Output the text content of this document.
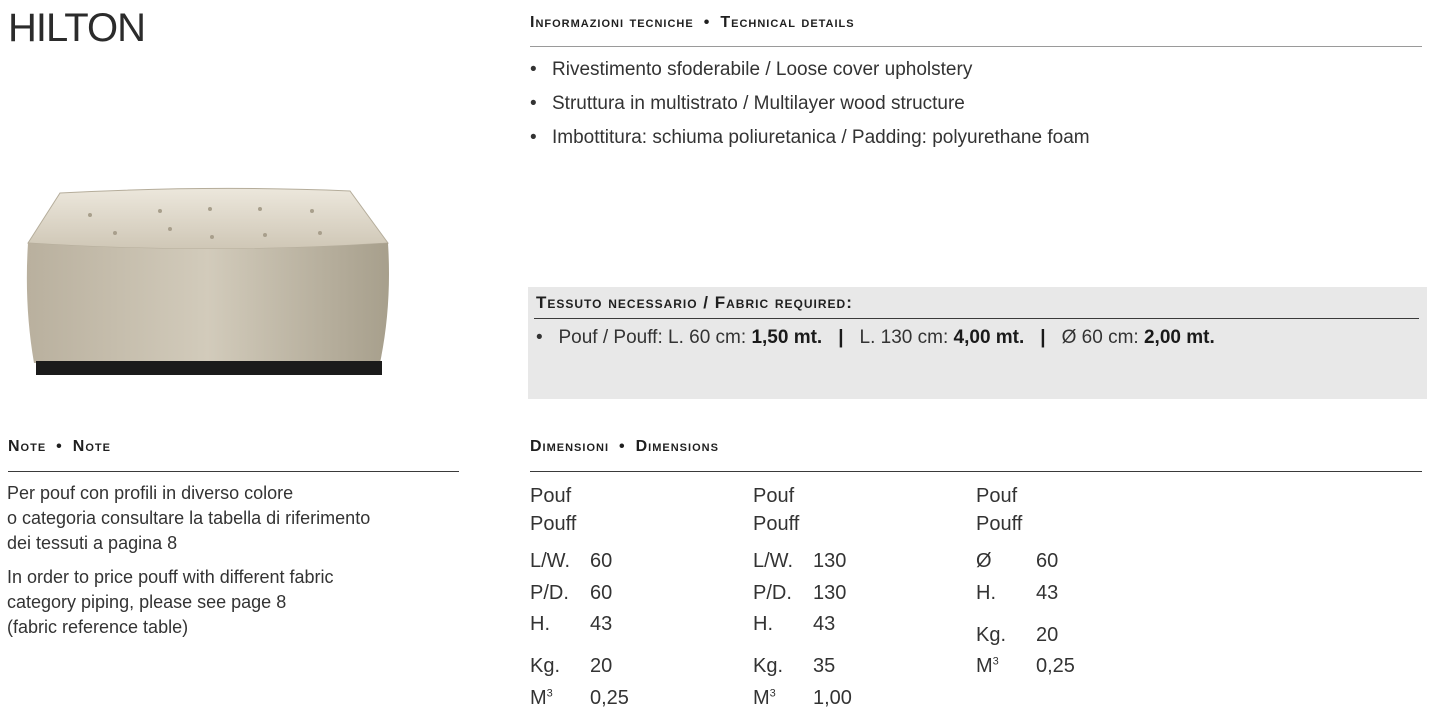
HILTON	Informazioni tecniche • Technical details
• Rivestimento sfoderabile / Loose cover upholstery
• Struttura in multistrato / Multilayer wood structure
• Imbottitura: schiuma poliuretanica / Padding: polyurethane foam
Tessuto necessario / Fabric required:
• Pouf / Pouff: L. 60 cm: 1,50 mt. | L. 130 cm: 4,00 mt. | Ø 60 cm: 2,00 mt.
Note • Note
Per pouf con profili in diverso colore
o categoria consultare la tabella di riferimento
dei tessuti a pagina 8
In order to price pouff with different fabric
category piping, please see page 8
(fabric reference table)
Dimensioni • Dimensions
Pouf
Pouff
L/W. 60
P/D. 60
H. 43
Kg. 20
$M^3$ 0,25
Pouf
Pouff
L/W. 130
P/D. 130
H. 43
Kg. 35
$M^3$ 1,00
Pouf
Pouff
Ø 60
H. 43
Kg. 20
$M^3$ 0,25
